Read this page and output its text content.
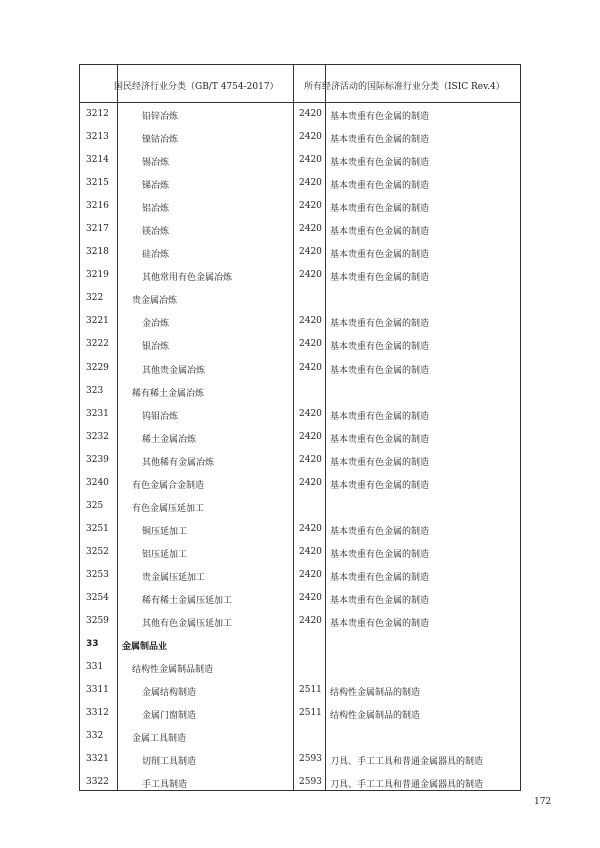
国民经济行业分类（GB/T 4754-2017）	所有经济活动的国际标准行业分类（ISIC Rev.4）
3212	铅锌冶炼	2420 基本贵重有色金属的制造
3213	镍钴冶炼	2420 基本贵重有色金属的制造
3214	锡冶炼	2420 基本贵重有色金属的制造
3215	锑冶炼	2420 基本贵重有色金属的制造
3216	铝冶炼	2420 基本贵重有色金属的制造
3217	镁冶炼	2420 基本贵重有色金属的制造
3218	硅冶炼	2420 基本贵重有色金属的制造
3219	其他常用有色金属冶炼	2420 基本贵重有色金属的制造
322	贵金属冶炼
3221	金冶炼	2420 基本贵重有色金属的制造
3222	银冶炼	2420 基本贵重有色金属的制造
3229	其他贵金属冶炼	2420 基本贵重有色金属的制造
323	稀有稀土金属冶炼
3231	钨钼冶炼	2420 基本贵重有色金属的制造
3232	稀土金属冶炼	2420 基本贵重有色金属的制造
3239	其他稀有金属冶炼	2420 基本贵重有色金属的制造
3240	有色金属合金制造	2420 基本贵重有色金属的制造
325	有色金属压延加工
3251	铜压延加工	2420 基本贵重有色金属的制造
3252	铝压延加工	2420 基本贵重有色金属的制造
3253	贵金属压延加工	2420 基本贵重有色金属的制造
3254	稀有稀土金属压延加工	2420 基本贵重有色金属的制造
3259	其他有色金属压延加工	2420 基本贵重有色金属的制造
33	金属制品业
331	结构性金属制品制造
3311	金属结构制造	2511 结构性金属制品的制造
3312	金属门窗制造	2511 结构性金属制品的制造
332	金属工具制造
3321	切削工具制造	2593 刀具、手工工具和普通金属器具的制造
3322	手工具制造	2593 刀具、手工工具和普通金属器具的制造
172
